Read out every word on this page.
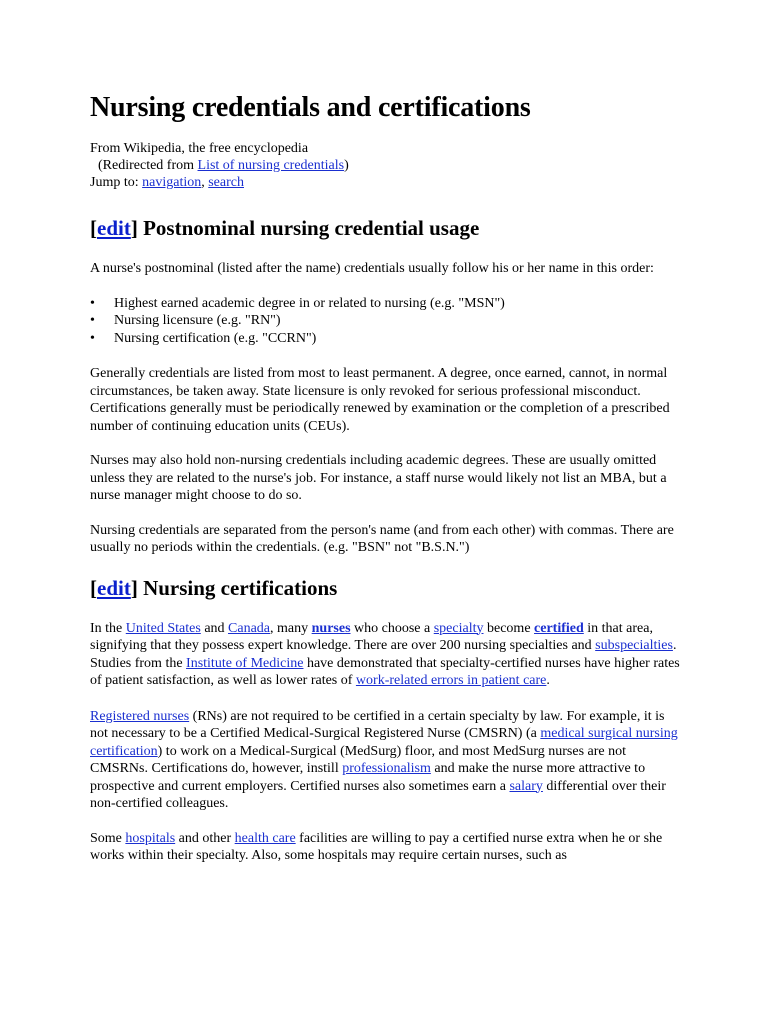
Nursing credentials and certifications
From Wikipedia, the free encyclopedia
(Redirected from List of nursing credentials)
Jump to: navigation, search
[edit] Postnominal nursing credential usage

A nurse's postnominal (listed after the name) credentials usually follow his or her name in this order:

• Highest earned academic degree in or related to nursing (e.g. "MSN")
• Nursing licensure (e.g. "RN")
• Nursing certification (e.g. "CCRN")

Generally credentials are listed from most to least permanent. A degree, once earned, cannot, in normal circumstances, be taken away. State licensure is only revoked for serious professional misconduct. Certifications generally must be periodically renewed by examination or the completion of a prescribed number of continuing education units (CEUs).

Nurses may also hold non-nursing credentials including academic degrees. These are usually omitted unless they are related to the nurse's job. For instance, a staff nurse would likely not list an MBA, but a nurse manager might choose to do so.

Nursing credentials are separated from the person's name (and from each other) with commas. There are usually no periods within the credentials. (e.g. "BSN" not "B.S.N.")

[edit] Nursing certifications

In the United States and Canada, many nurses who choose a specialty become certified in that area, signifying that they possess expert knowledge. There are over 200 nursing specialties and subspecialties. Studies from the Institute of Medicine have demonstrated that specialty-certified nurses have higher rates of patient satisfaction, as well as lower rates of work-related errors in patient care.

Registered nurses (RNs) are not required to be certified in a certain specialty by law. For example, it is not necessary to be a Certified Medical-Surgical Registered Nurse (CMSRN) (a medical surgical nursing certification) to work on a Medical-Surgical (MedSurg) floor, and most MedSurg nurses are not CMSRNs. Certifications do, however, instill professionalism and make the nurse more attractive to prospective and current employers. Certified nurses also sometimes earn a salary differential over their non-certified colleagues.

Some hospitals and other health care facilities are willing to pay a certified nurse extra when he or she works within their specialty. Also, some hospitals may require certain nurses, such as
